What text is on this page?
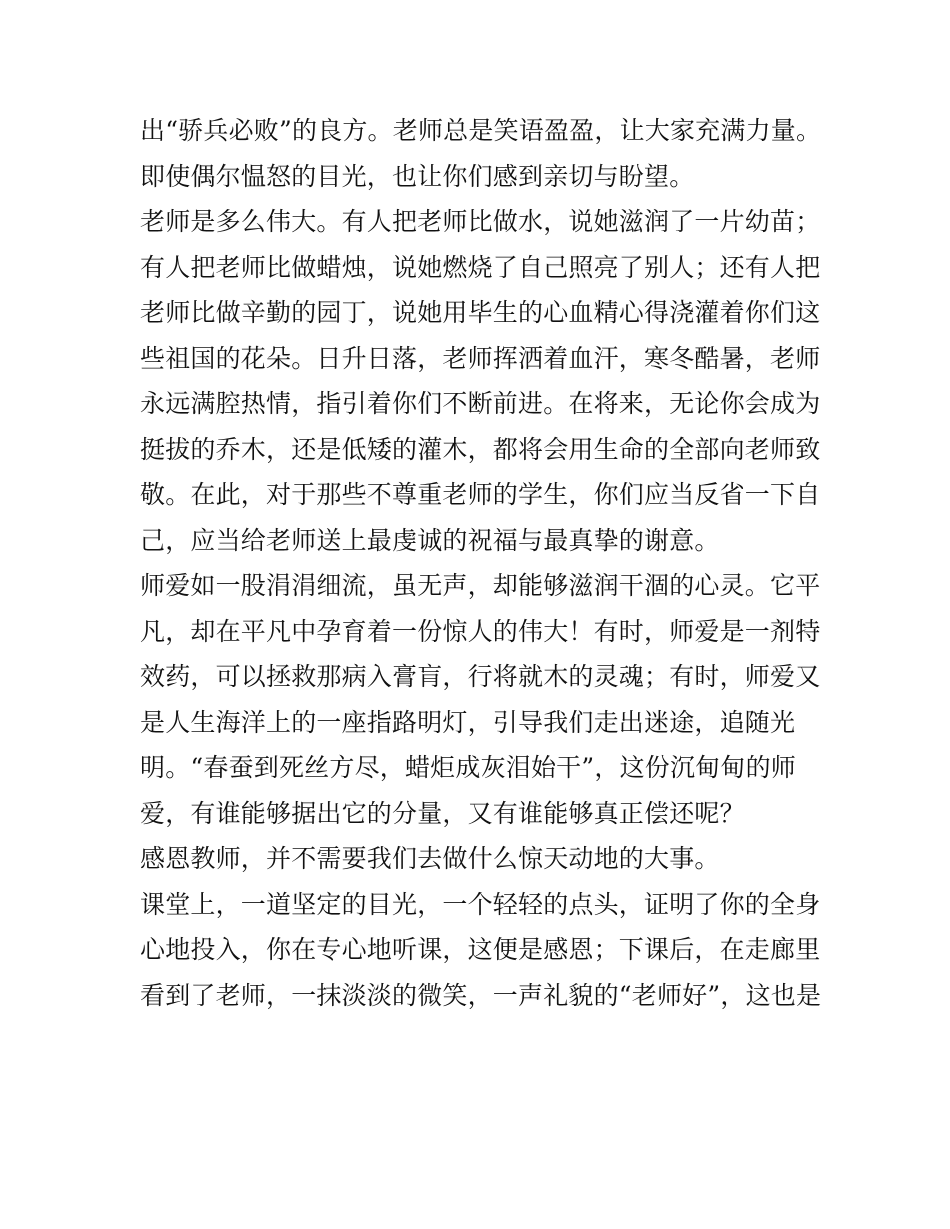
出“骄兵必败”的良方。老师总是笑语盈盈，让大家充满力量。
即使偶尔愠怒的目光，也让你们感到亲切与盼望。
老师是多么伟大。有人把老师比做水，说她滋润了一片幼苗；
有人把老师比做蜡烛，说她燃烧了自己照亮了别人；还有人把
老师比做辛勤的园丁，说她用毕生的心血精心得浇灌着你们这
些祖国的花朵。日升日落，老师挥洒着血汗，寒冬酷暑，老师
永远满腔热情，指引着你们不断前进。在将来，无论你会成为
挺拔的乔木，还是低矮的灌木，都将会用生命的全部向老师致
敬。在此，对于那些不尊重老师的学生，你们应当反省一下自
己，应当给老师送上最虔诚的祝福与最真挚的谢意。
师爱如一股涓涓细流，虽无声，却能够滋润干涸的心灵。它平
凡，却在平凡中孕育着一份惊人的伟大！有时，师爱是一剂特
效药，可以拯救那病入膏肓，行将就木的灵魂；有时，师爱又
是人生海洋上的一座指路明灯，引导我们走出迷途，追随光
明。“春蚕到死丝方尽，蜡炬成灰泪始干”，这份沉甸甸的师
爱，有谁能够据出它的分量，又有谁能够真正偿还呢？
感恩教师，并不需要我们去做什么惊天动地的大事。
课堂上，一道坚定的目光，一个轻轻的点头，证明了你的全身
心地投入，你在专心地听课，这便是感恩；下课后，在走廊里
看到了老师，一抹淡淡的微笑，一声礼貌的“老师好”，这也是
